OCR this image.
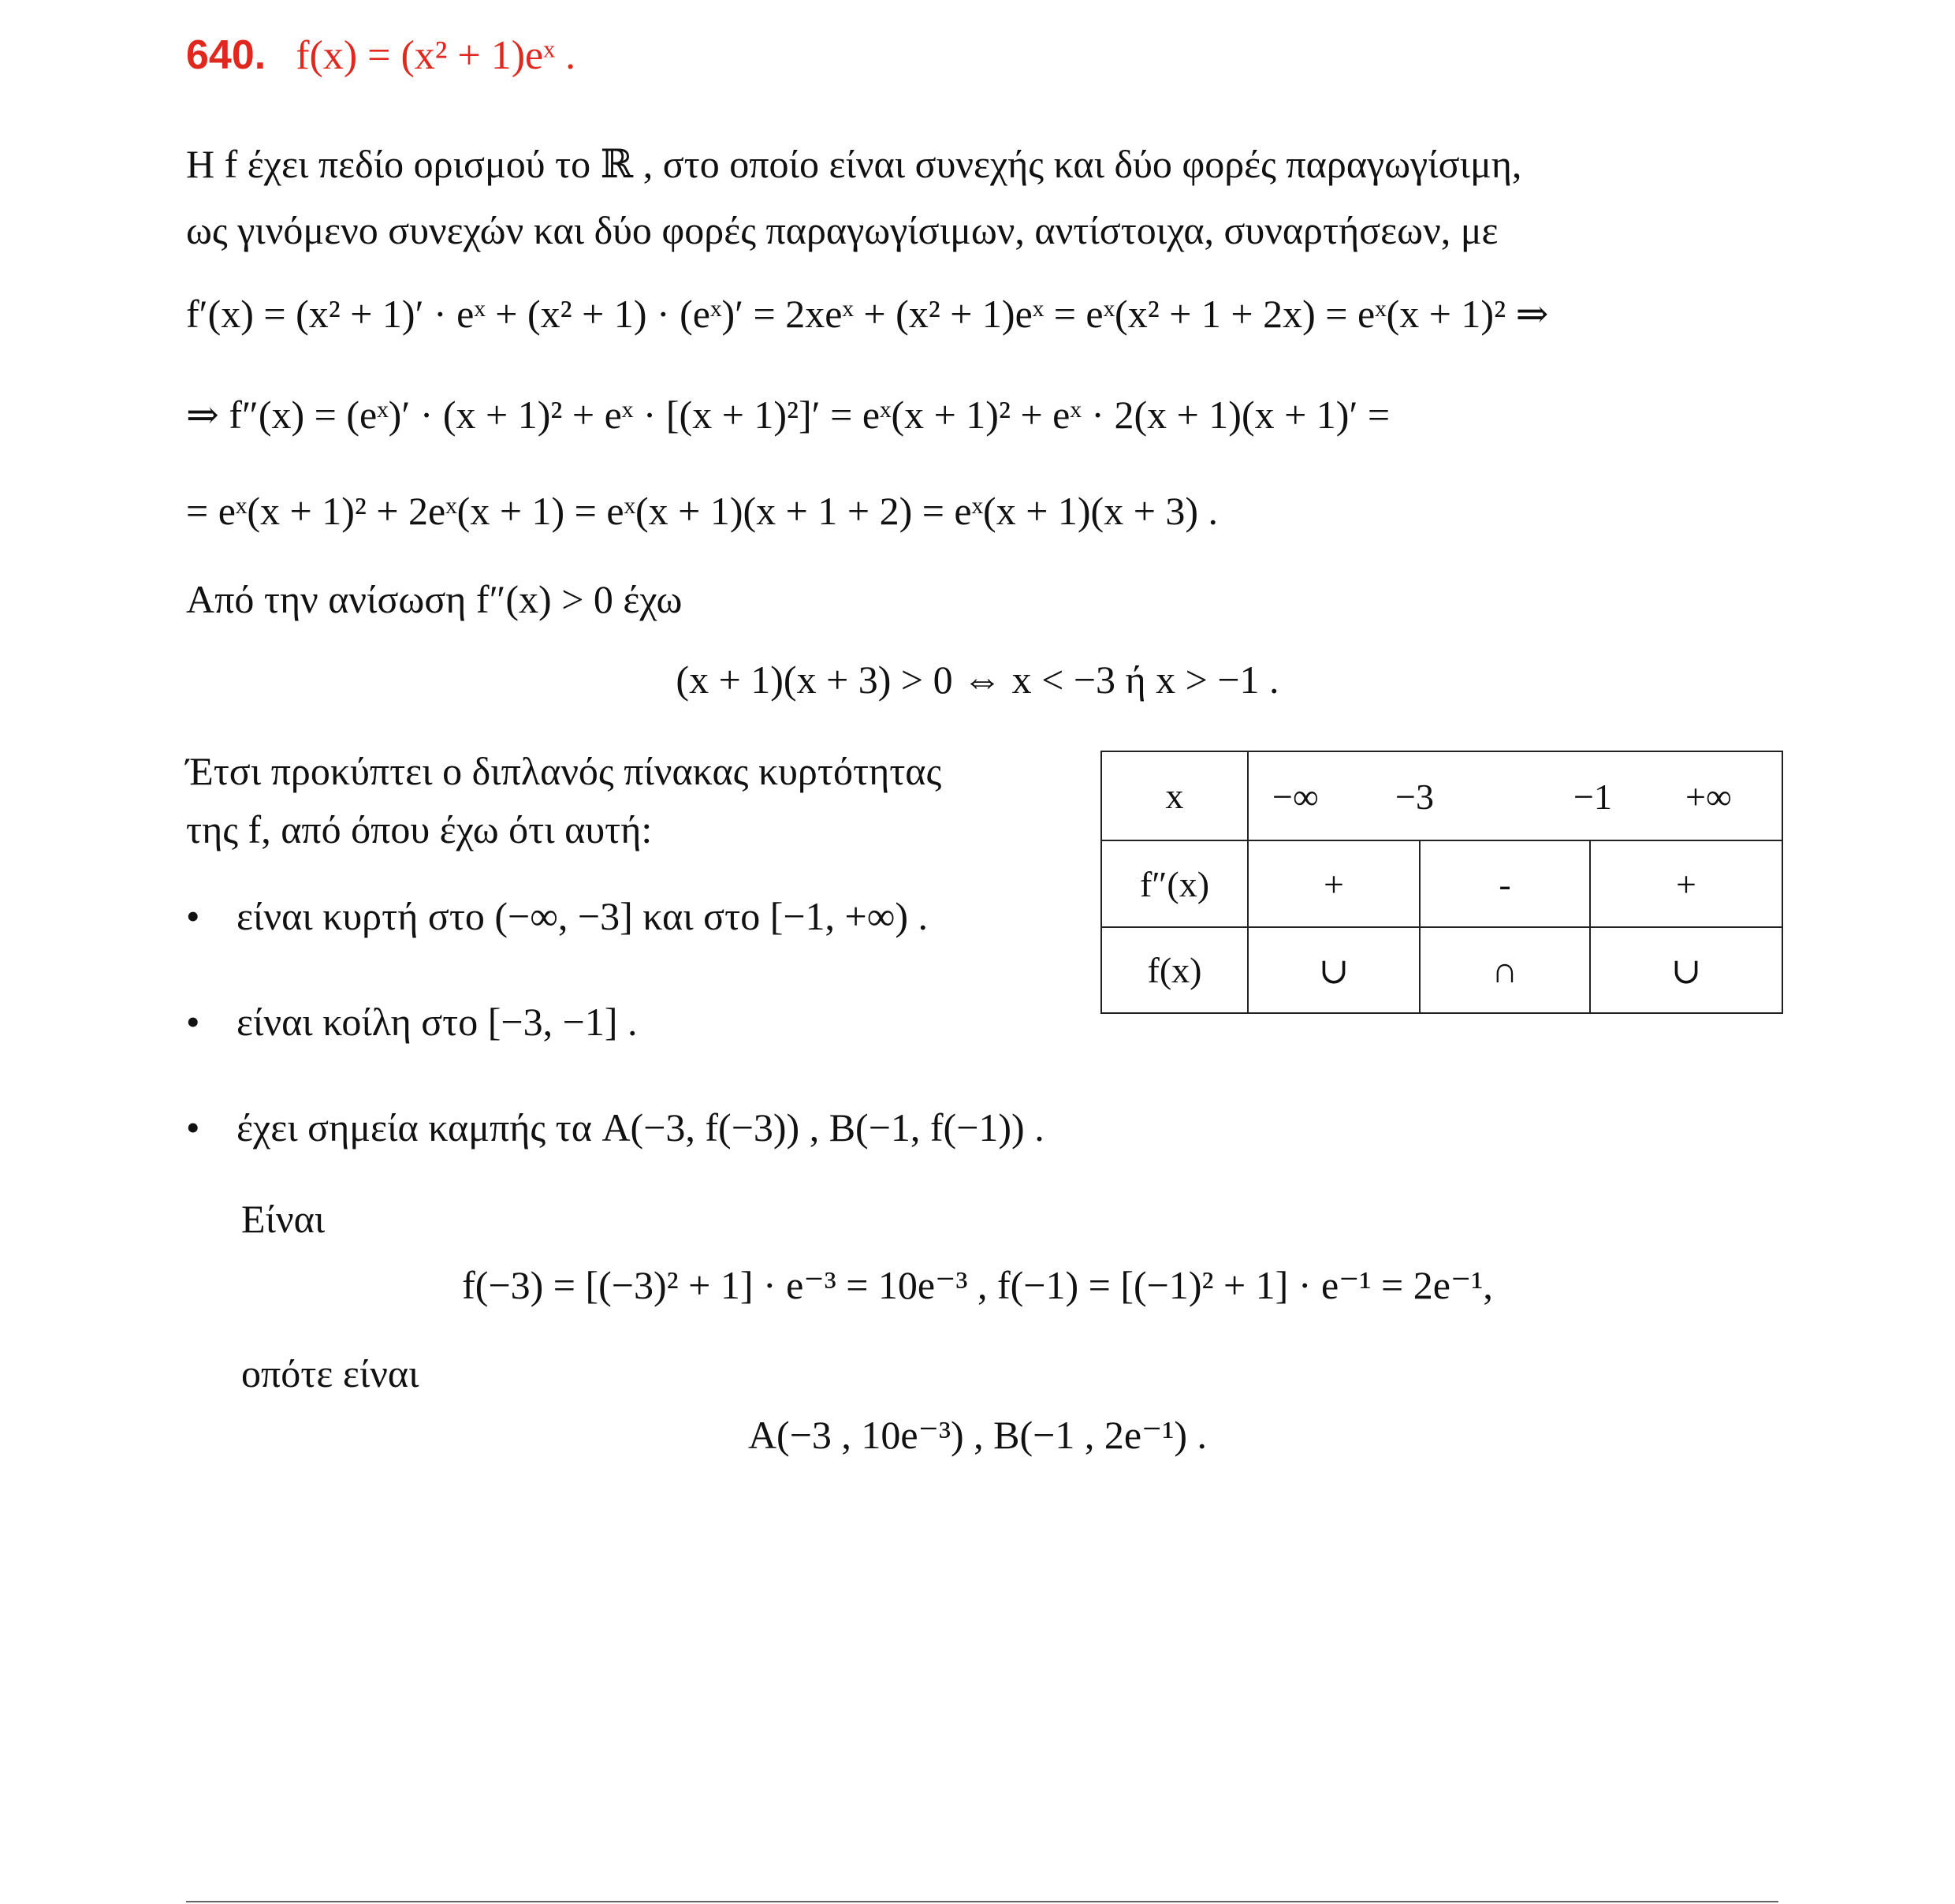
640. f(x) = (x² + 1)eˣ .
Η f έχει πεδίο ορισμού το ℝ , στο οποίο είναι συνεχής και δύο φορές παραγωγίσιμη,
ως γινόμενο συνεχών και δύο φορές παραγωγίσιμων, αντίστοιχα, συναρτήσεων, με
f′(x) = (x² + 1)′ · eˣ + (x² + 1) · (eˣ)′ = 2xeˣ + (x² + 1)eˣ = eˣ(x² + 1 + 2x) = eˣ(x + 1)² ⇒
⇒ f″(x) = (eˣ)′ · (x + 1)² + eˣ · [(x + 1)²]′ = eˣ(x + 1)² + eˣ · 2(x + 1)(x + 1)′ =
= eˣ(x + 1)² + 2eˣ(x + 1) = eˣ(x + 1)(x + 1 + 2) = eˣ(x + 1)(x + 3) .
Από την ανίσωση f″(x) > 0 έχω
(x + 1)(x + 3) > 0 ⇔ x < −3 ή x > −1 .
Έτσι προκύπτει ο διπλανός πίνακας κυρτότητας
της f, από όπου έχω ότι αυτή:
• είναι κυρτή στο (−∞, −3] και στο [−1, +∞) .
• είναι κοίλη στο [−3, −1] .
• έχει σημεία καμπής τα A(−3, f(−3)) , B(−1, f(−1)) .
Είναι
f(−3) = [(−3)² + 1] · e⁻³ = 10e⁻³ , f(−1) = [(−1)² + 1] · e⁻¹ = 2e⁻¹,
οπότε είναι
A(−3 , 10e⁻³) , B(−1 , 2e⁻¹) .
x	−∞ −3 −1 +∞		

f″(x)	+	-	+
f(x)	∪	∩	∪
